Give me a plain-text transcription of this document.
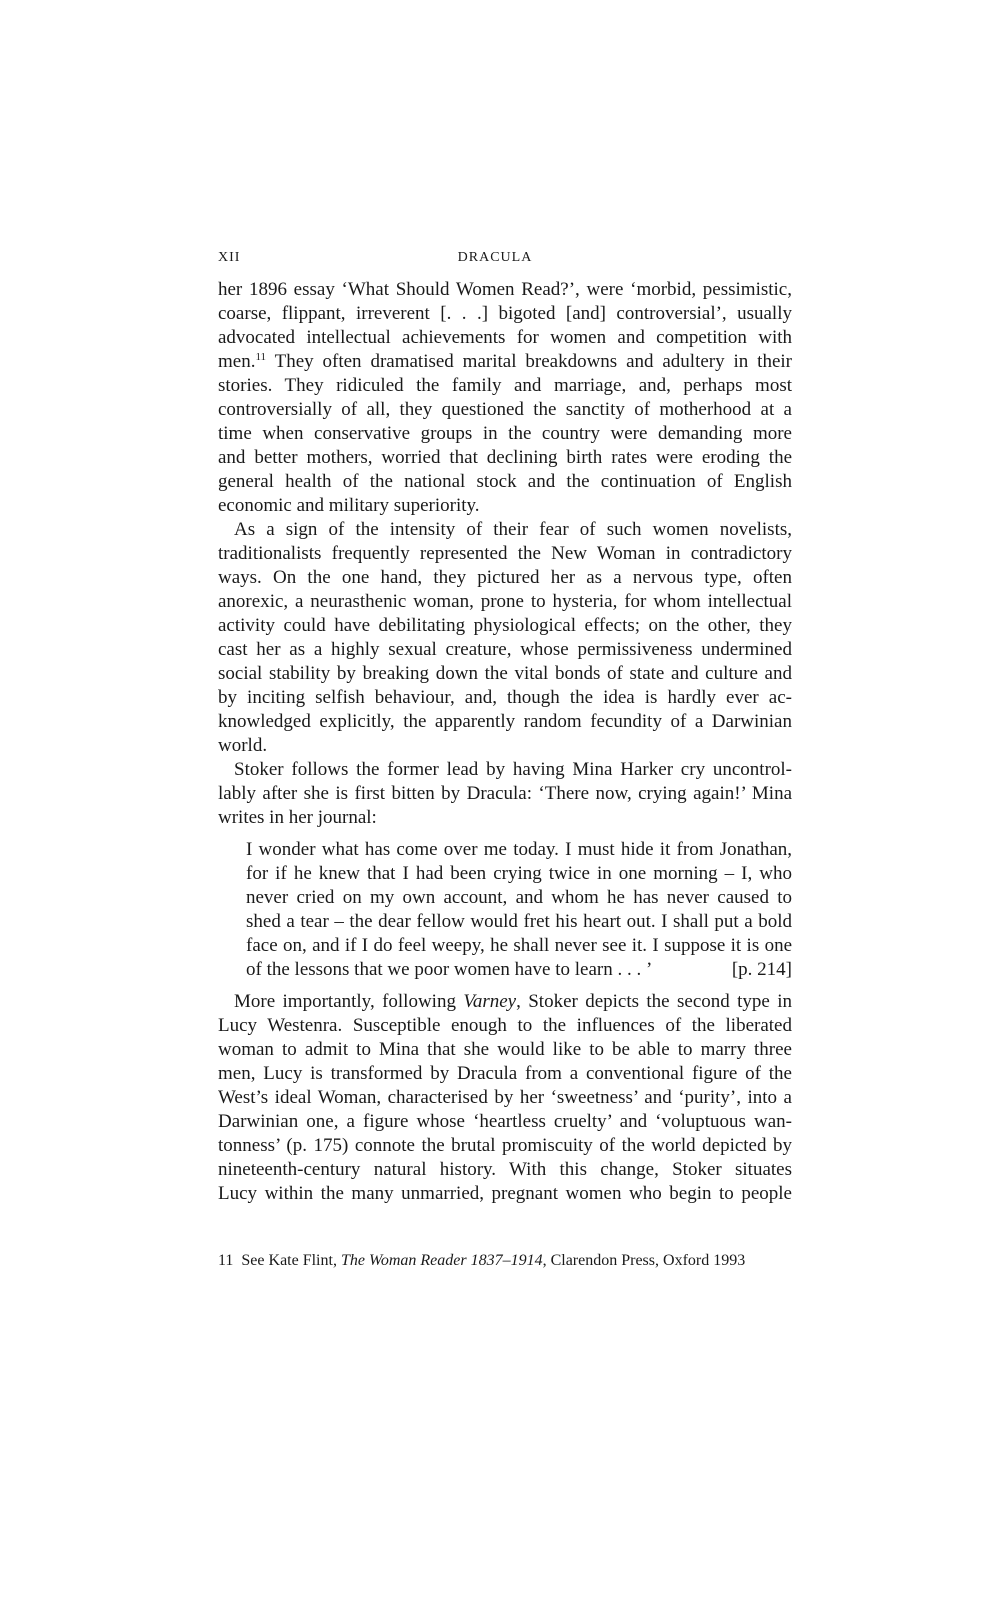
XII	DRACULA
her 1896 essay ‘What Should Women Read?’, were ‘morbid, pessimistic,
coarse, flippant, irreverent [. . .] bigoted [and] controversial’, usually
advocated intellectual achievements for women and competition with
men.$^{11}$ They often dramatised marital breakdowns and adultery in their
stories. They ridiculed the family and marriage, and, perhaps most
controversially of all, they questioned the sanctity of motherhood at a
time when conservative groups in the country were demanding more
and better mothers, worried that declining birth rates were eroding the
general health of the national stock and the continuation of English
economic and military superiority.
As a sign of the intensity of their fear of such women novelists,
traditionalists frequently represented the New Woman in contradictory
ways. On the one hand, they pictured her as a nervous type, often
anorexic, a neurasthenic woman, prone to hysteria, for whom intellectual
activity could have debilitating physiological effects; on the other, they
cast her as a highly sexual creature, whose permissiveness undermined
social stability by breaking down the vital bonds of state and culture and
by inciting selfish behaviour, and, though the idea is hardly ever ac-
knowledged explicitly, the apparently random fecundity of a Darwinian
world.
Stoker follows the former lead by having Mina Harker cry uncontrol-
lably after she is first bitten by Dracula: ‘There now, crying again!’ Mina
writes in her journal:
I wonder what has come over me today. I must hide it from Jonathan,
for if he knew that I had been crying twice in one morning – I, who
never cried on my own account, and whom he has never caused to
shed a tear – the dear fellow would fret his heart out. I shall put a bold
face on, and if I do feel weepy, he shall never see it. I suppose it is one
of the lessons that we poor women have to learn . . . ’	[p. 214]
More importantly, following Varney, Stoker depicts the second type in
Lucy Westenra. Susceptible enough to the influences of the liberated
woman to admit to Mina that she would like to be able to marry three
men, Lucy is transformed by Dracula from a conventional figure of the
West’s ideal Woman, characterised by her ‘sweetness’ and ‘purity’, into a
Darwinian one, a figure whose ‘heartless cruelty’ and ‘voluptuous wan-
tonness’ (p. 175) connote the brutal promiscuity of the world depicted by
nineteenth-century natural history. With this change, Stoker situates
Lucy within the many unmarried, pregnant women who begin to people
11 See Kate Flint, The Woman Reader 1837–1914, Clarendon Press, Oxford 1993
